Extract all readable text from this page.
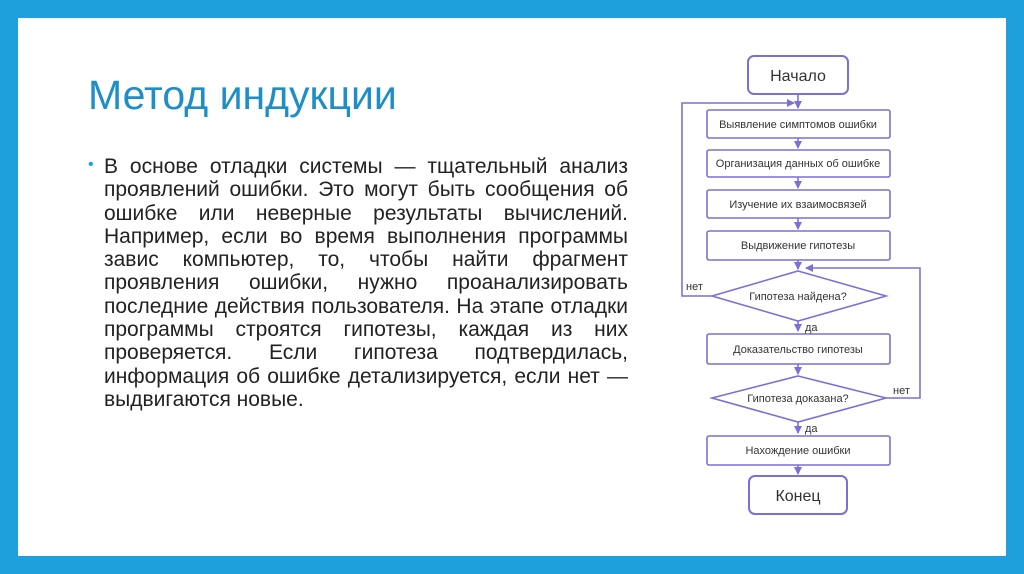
Метод индукции
• В основе отладки системы — тщательный анализ проявлений ошибки. Это могут быть сообщения об ошибке или неверные результаты вычислений. Например, если во время выполнения программы завис компьютер, то, чтобы найти фрагмент проявления ошибки, нужно проанализировать последние действия пользователя. На этапе отладки программы строятся гипотезы, каждая из них проверяется. Если гипотеза подтвердилась, информация об ошибке детализируется, если нет — выдвигаются новые.
Начало
Выявление симптомов ошибки
Организация данных об ошибке
Изучение их взаимосвязей
Выдвижение гипотезы
Гипотеза найдена?
Доказательство гипотезы
Гипотеза доказана?
Нахождение ошибки
Конец
нет
да
нет
да
